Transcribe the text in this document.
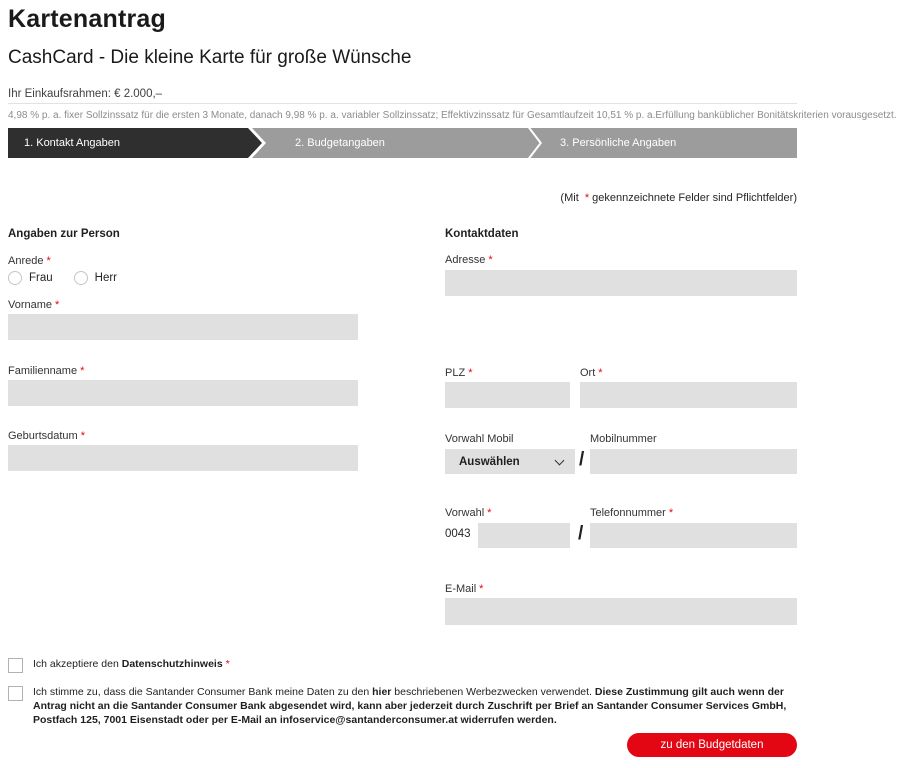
Kartenantrag
CashCard - Die kleine Karte für große Wünsche
Ihr Einkaufsrahmen: € 2.000,–
4,98 % p. a. fixer Sollzinssatz für die ersten 3 Monate, danach 9,98 % p. a. variabler Sollzinssatz; Effektivzinssatz für Gesamtlaufzeit 10,51 % p. a.Erfüllung banküblicher Bonitätskriterien vorausgesetzt.
1. Kontakt Angaben	2. Budgetangaben	3. Persönliche Angaben
(Mit * gekennzeichnete Felder sind Pflichtfelder)
Angaben zur Person
Anrede *
Frau	Herr
Vorname *
Familienname *
Geburtsdatum *
Kontaktdaten
Adresse *
PLZ *	Ort *
Vorwahl Mobil
Auswählen	/
Mobilnummer
Vorwahl *
0043	/
Telefonnummer *
E-Mail *
Ich akzeptiere den Datenschutzhinweis *
Ich stimme zu, dass die Santander Consumer Bank meine Daten zu den hier beschriebenen Werbezwecken verwendet. Diese Zustimmung gilt auch wenn der Antrag nicht an die Santander Consumer Bank abgesendet wird, kann aber jederzeit durch Zuschrift per Brief an Santander Consumer Services GmbH, Postfach 125, 7001 Eisenstadt oder per E-Mail an infoservice@santanderconsumer.at widerrufen werden.
zu den Budgetdaten
